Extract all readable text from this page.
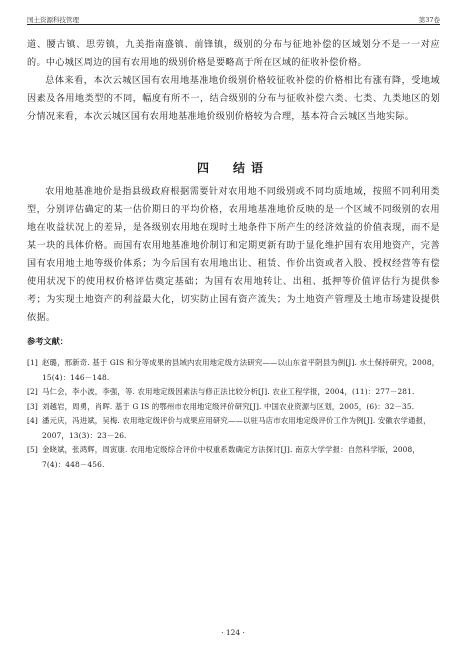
国土资源科技管理	第37卷

道、腰古镇、思劳镇，九美指南盛镇、前锋镇，级别的分布与征地补偿的区域划分不是一一对应的。中心城区周边的国有农用地的级别价格是要略高于所在区域的征收补偿价格。

总体来看，本次云城区国有农用地基准地价级别价格较征收补偿的价格相比有涨有降，受地域因素及各用地类型的不同，幅度有所不一，结合级别的分布与征收补偿六类、七类、九类地区的划分情况来看，本次云城区国有农用地基准地价级别价格较为合理，基本符合云城区当地实际。

四　结语

农用地基准地价是指县级政府根据需要针对农用地不同级别或不同均质地域，按照不同利用类型，分别评估确定的某一估价期日的平均价格，农用地基准地价反映的是一个区域不同级别的农用地在收益状况上的差异，是各级别农用地在现时土地条件下所产生的经济效益的价值表现，而不是某一块的具体价格。而国有农用地基准地价制订和定期更新有助于显化维护国有农用地资产，完善国有农用地土地等级价体系；为今后国有农用地出让、租赁、作价出资或者入股、授权经营等有偿使用状况下的使用权价格评估奠定基础；为国有农用地转让、出租、抵押等价值评估行为提供参考；为实现土地资产的利益最大化，切实防止国有资产流失；为土地资产管理及土地市场建设提供依据。

参考文献：
[1] 赵璐，邢新奇. 基于 GIS 和分等成果的县域内农用地定级方法研究——以山东省平阴县为例[J]. 水土保持研究，2008，15(4)：146－148.
[2] 马仁会，李小波，李强，等. 农用地定级因素法与修正法比较分析[J]. 农业工程学报，2004，(11)：277－281.
[3] 刘越岩，周勇，肖晖. 基于 G IS 的鄂州市农用地定级评价研究[J]. 中国农业资源与区划，2005，(6)：32－35.
[4] 潘元庆，冯进斌，吴梅. 农用地定级评价与成果应用研究——以驻马店市农用地定级评价工作为例[J]. 安徽农学通报，2007，13(3)：23－26.
[5] 金晓斌，张鸿辉，周寅康. 农用地定级综合评价中权重系数确定方法探讨[J]. 南京大学学报：自然科学版，2008，7(4)：448－456.

· 124 ·
